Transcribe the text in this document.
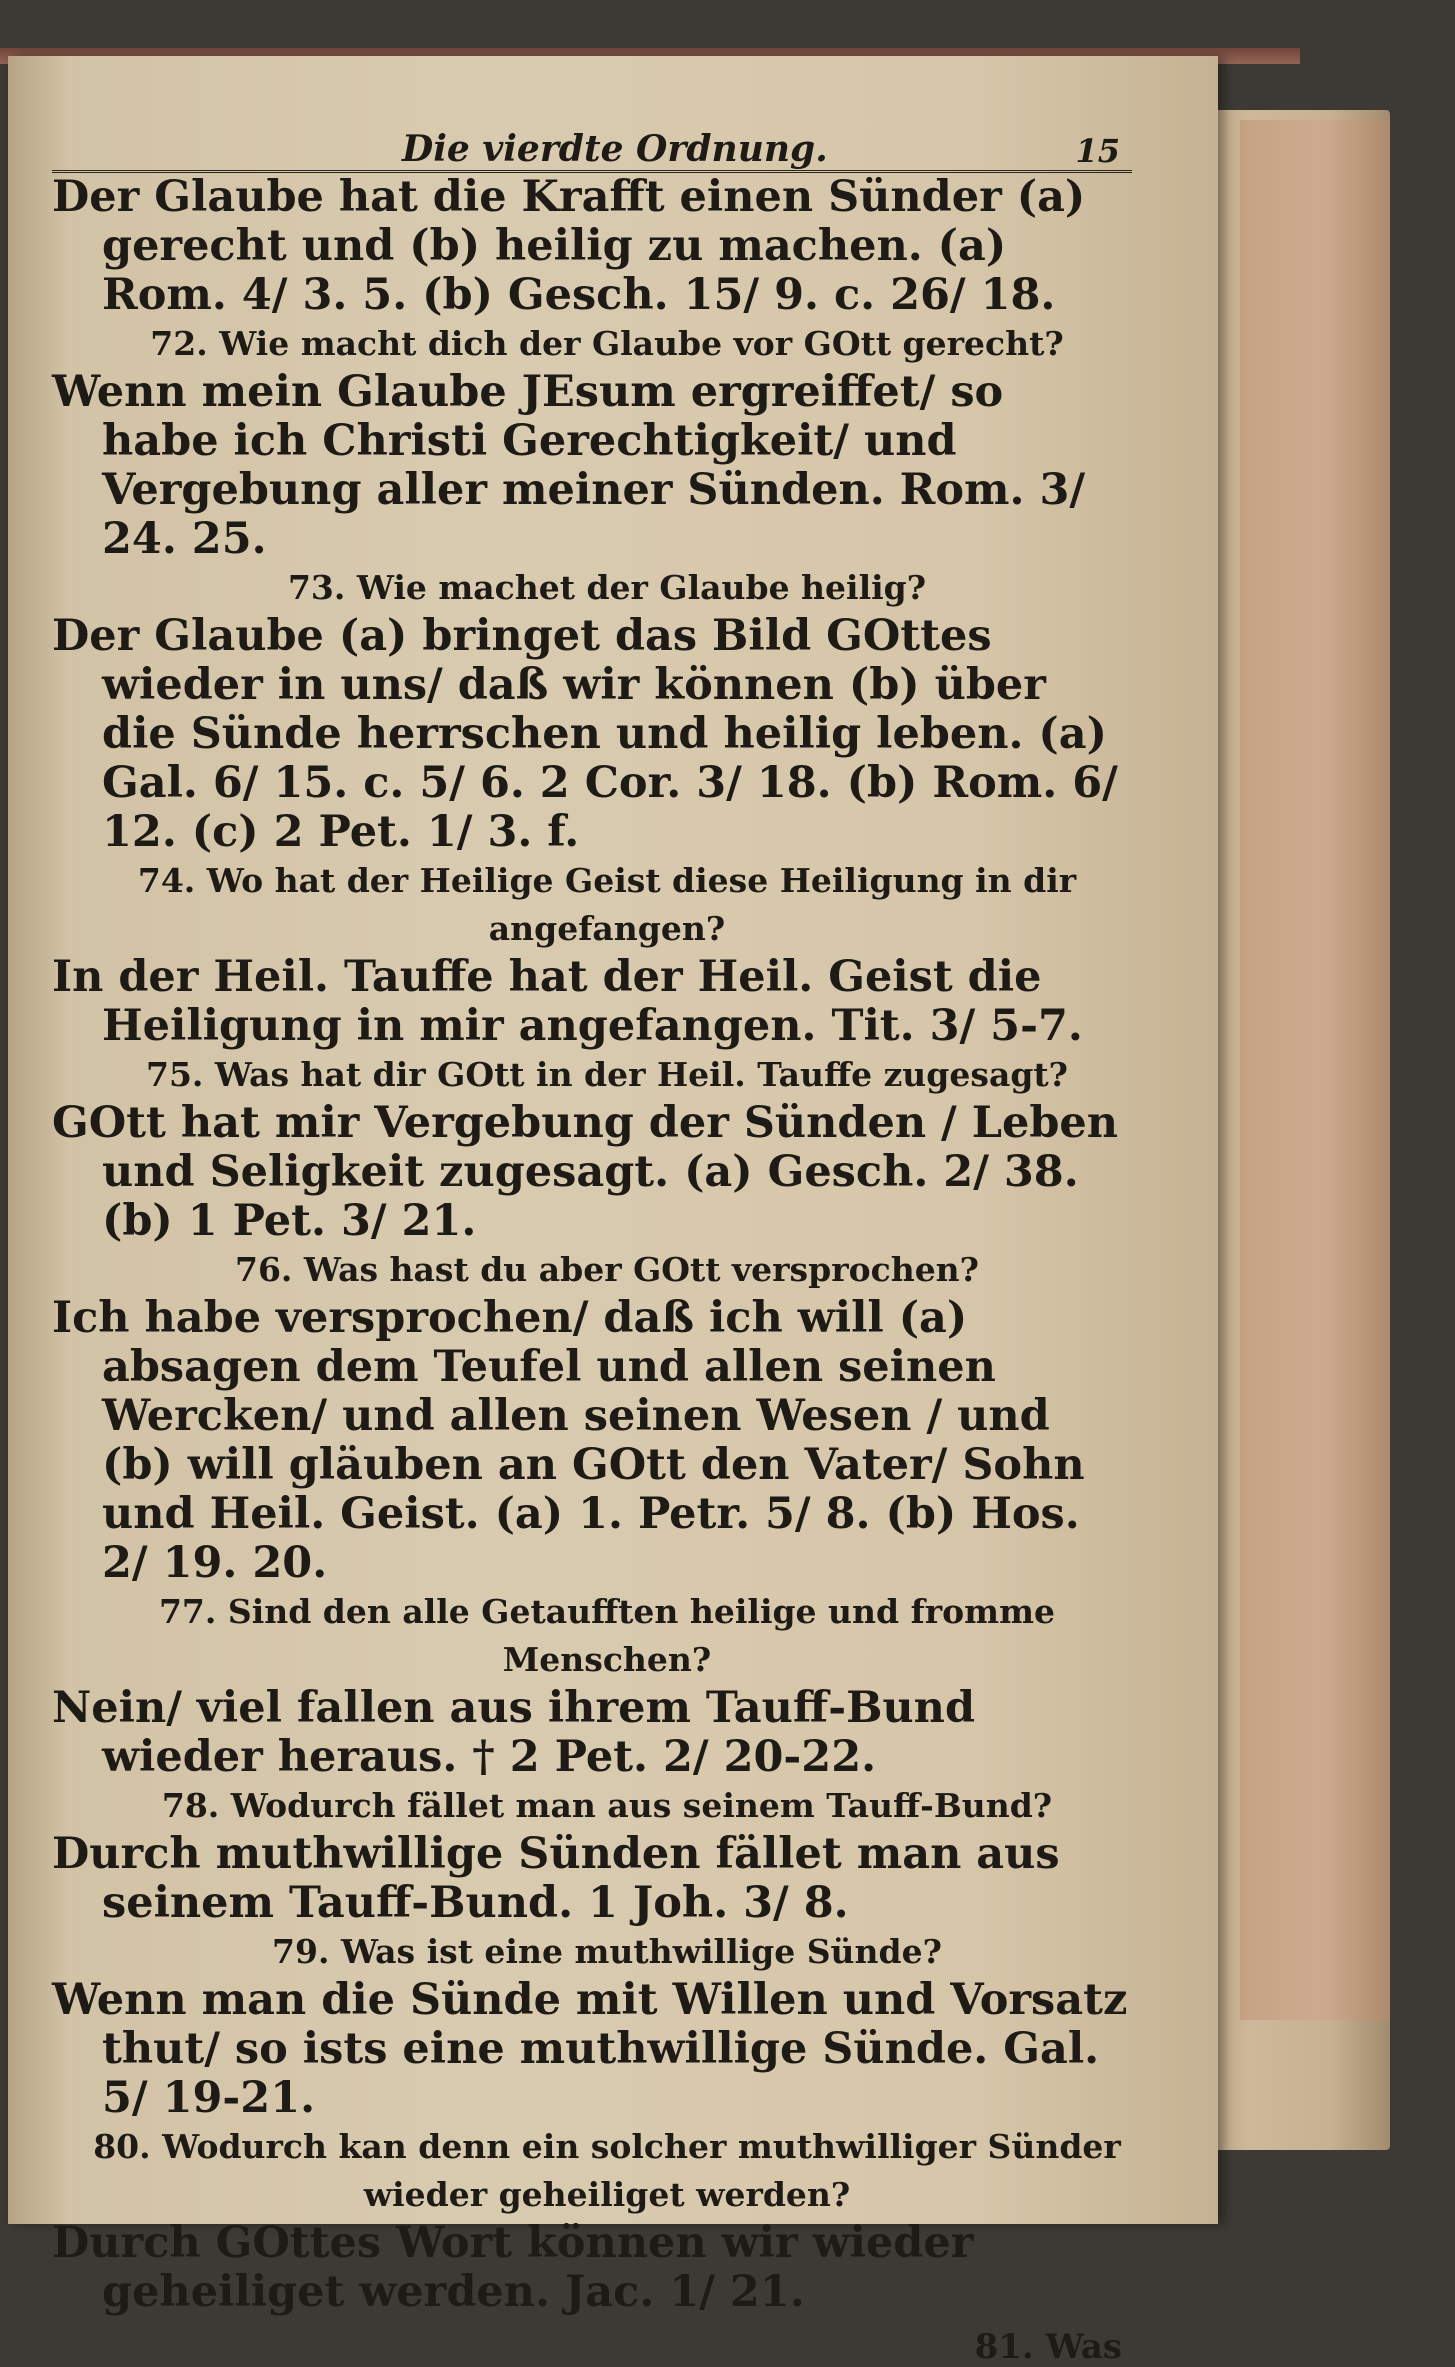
Die vierdte Ordnung.	15
Der Glaube hat die Krafft einen Sünder (a) gerecht und (b) heilig zu machen. (a) Rom. 4/ 3. 5. (b) Gesch. 15/ 9. c. 26/ 18.
72. Wie macht dich der Glaube vor GOtt gerecht?
Wenn mein Glaube JEsum ergreiffet/ so habe ich Christi Gerechtigkeit/ und Vergebung aller meiner Sünden. Rom. 3/ 24. 25.
73. Wie machet der Glaube heilig?
Der Glaube (a) bringet das Bild GOttes wieder in uns/ daß wir können (b) über die Sünde herrschen und heilig leben. (a) Gal. 6/ 15. c. 5/ 6. 2 Cor. 3/ 18. (b) Rom. 6/ 12. (c) 2 Pet. 1/ 3. f.
74. Wo hat der Heilige Geist diese Heiligung in dir angefangen?
In der Heil. Tauffe hat der Heil. Geist die Heiligung in mir angefangen. Tit. 3/ 5-7.
75. Was hat dir GOtt in der Heil. Tauffe zugesagt?
GOtt hat mir Vergebung der Sünden / Leben und Seligkeit zugesagt. (a) Gesch. 2/ 38. (b) 1 Pet. 3/ 21.
76. Was hast du aber GOtt versprochen?
Ich habe versprochen/ daß ich will (a) absagen dem Teufel und allen seinen Wercken/ und allen seinen Wesen / und (b) will gläuben an GOtt den Vater/ Sohn und Heil. Geist. (a) 1. Petr. 5/ 8. (b) Hos. 2/ 19. 20.
77. Sind den alle Getaufften heilige und fromme Menschen?
Nein/ viel fallen aus ihrem Tauff-Bund wieder heraus. † 2 Pet. 2/ 20-22.
78. Wodurch fället man aus seinem Tauff-Bund?
Durch muthwillige Sünden fället man aus seinem Tauff-Bund. 1 Joh. 3/ 8.
79. Was ist eine muthwillige Sünde?
Wenn man die Sünde mit Willen und Vorsatz thut/ so ists eine muthwillige Sünde. Gal. 5/ 19-21.
80. Wodurch kan denn ein solcher muthwilliger Sünder wieder geheiliget werden?
Durch GOttes Wort können wir wieder geheiliget werden. Jac. 1/ 21.
81. Was
